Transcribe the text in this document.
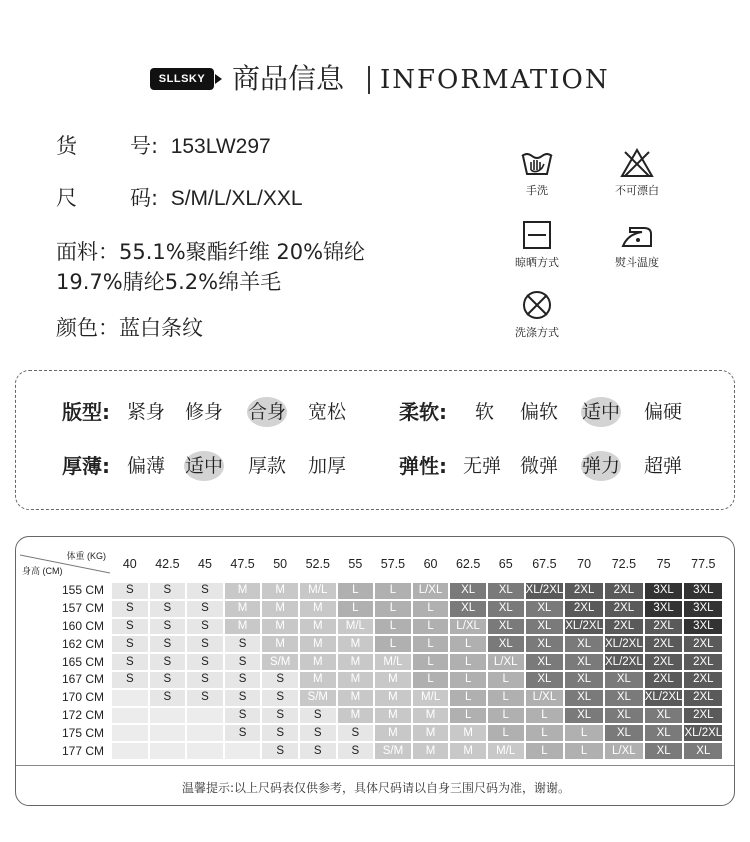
SLLSKY 商品信息 INFORMATION
货	号: 153LW297
尺	码: S/M/L/XL/XXL
面料：55.1%聚酯纤维 20%锦纶
19.7%腈纶5.2%绵羊毛
颜色：蓝白条纹
手洗	不可漂白
晾晒方式	熨斗温度
洗涤方式
版型: 紧身 修身 合身 宽松	柔软: 软 偏软 适中 偏硬
厚薄: 偏薄 适中 厚款 加厚	弹性: 无弹 微弹 弹力 超弹
体重 (KG)
身高 (CM)	40	42.5	45	47.5	50	52.5	55	57.5	60	62.5	65	67.5	70	72.5	75	77.5
155 CM	S	S	S	M	M	M/L	L	L	L/XL	XL	XL	XL/2XL	2XL	2XL	3XL	3XL
157 CM	S	S	S	M	M	M	L	L	L	XL	XL	XL	2XL	2XL	3XL	3XL
160 CM	S	S	S	M	M	M	M/L	L	L	L/XL	XL	XL	XL/2XL	2XL	2XL	3XL
162 CM	S	S	S	S	M	M	M	L	L	L	XL	XL	XL	XL/2XL	2XL	2XL
165 CM	S	S	S	S	S/M	M	M	M/L	L	L	L/XL	XL	XL	XL/2XL	2XL	2XL
167 CM	S	S	S	S	S	M	M	M	L	L	L	XL	XL	XL	2XL	2XL
170 CM		S	S	S	S	S/M	M	M	M/L	L	L	L/XL	XL	XL	XL/2XL	2XL
172 CM				S	S	S	M	M	M	L	L	L	XL	XL	XL	2XL
175 CM				S	S	S	S	M	M	M	L	L	L	XL	XL	XL/2XL
177 CM					S	S	S	S/M	M	M	M/L	L	L	L/XL	XL	XL
温馨提示:以上尺码表仅供参考，具体尺码请以自身三围尺码为准，谢谢。
